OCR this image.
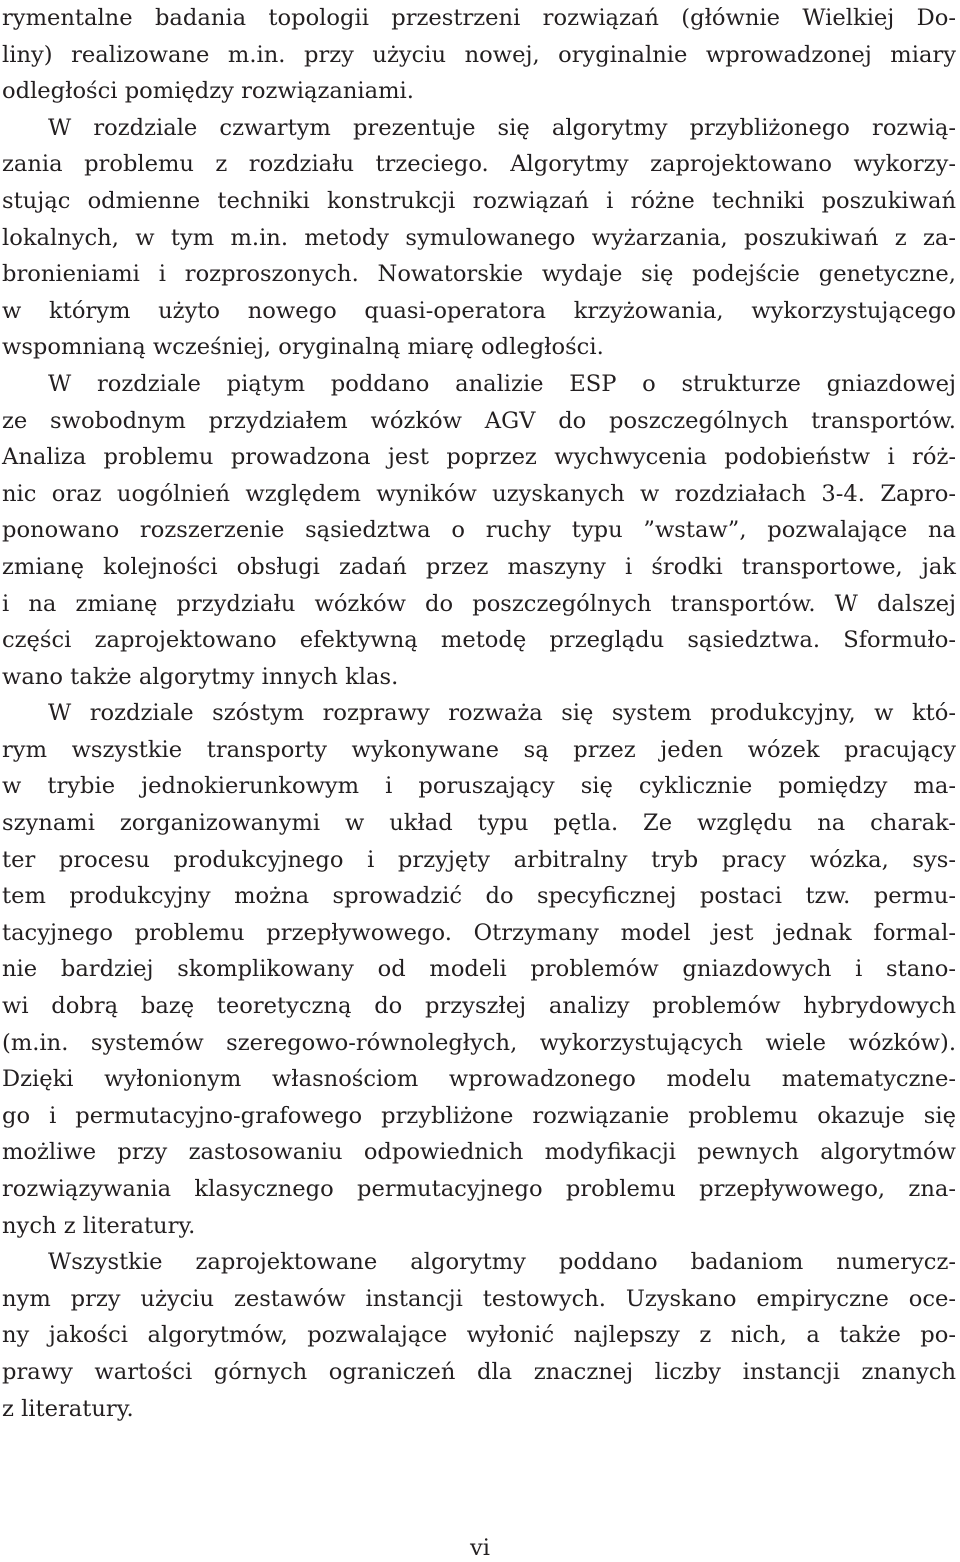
rymentalne badania topologii przestrzeni rozwiązań (głównie Wielkiej Do-
liny) realizowane m.in. przy użyciu nowej, oryginalnie wprowadzonej miary
odległości pomiędzy rozwiązaniami.
W rozdziale czwartym prezentuje się algorytmy przybliżonego rozwią-
zania problemu z rozdziału trzeciego. Algorytmy zaprojektowano wykorzy-
stując odmienne techniki konstrukcji rozwiązań i różne techniki poszukiwań
lokalnych, w tym m.in. metody symulowanego wyżarzania, poszukiwań z za-
bronieniami i rozproszonych. Nowatorskie wydaje się podejście genetyczne,
w którym użyto nowego quasi-operatora krzyżowania, wykorzystującego
wspomnianą wcześniej, oryginalną miarę odległości.
W rozdziale piątym poddano analizie ESP o strukturze gniazdowej
ze swobodnym przydziałem wózków AGV do poszczególnych transportów.
Analiza problemu prowadzona jest poprzez wychwycenia podobieństw i róż-
nic oraz uogólnień względem wyników uzyskanych w rozdziałach 3-4. Zapro-
ponowano rozszerzenie sąsiedztwa o ruchy typu ”wstaw”, pozwalające na
zmianę kolejności obsługi zadań przez maszyny i środki transportowe, jak
i na zmianę przydziału wózków do poszczególnych transportów. W dalszej
części zaprojektowano efektywną metodę przeglądu sąsiedztwa. Sformuło-
wano także algorytmy innych klas.
W rozdziale szóstym rozprawy rozważa się system produkcyjny, w któ-
rym wszystkie transporty wykonywane są przez jeden wózek pracujący
w trybie jednokierunkowym i poruszający się cyklicznie pomiędzy ma-
szynami zorganizowanymi w układ typu pętla. Ze względu na charak-
ter procesu produkcyjnego i przyjęty arbitralny tryb pracy wózka, sys-
tem produkcyjny można sprowadzić do specyficznej postaci tzw. permu-
tacyjnego problemu przepływowego. Otrzymany model jest jednak formal-
nie bardziej skomplikowany od modeli problemów gniazdowych i stano-
wi dobrą bazę teoretyczną do przyszłej analizy problemów hybrydowych
(m.in. systemów szeregowo-równoległych, wykorzystujących wiele wózków).
Dzięki wyłonionym własnościom wprowadzonego modelu matematyczne-
go i permutacyjno-grafowego przybliżone rozwiązanie problemu okazuje się
możliwe przy zastosowaniu odpowiednich modyfikacji pewnych algorytmów
rozwiązywania klasycznego permutacyjnego problemu przepływowego, zna-
nych z literatury.
Wszystkie zaprojektowane algorytmy poddano badaniom numerycz-
nym przy użyciu zestawów instancji testowych. Uzyskano empiryczne oce-
ny jakości algorytmów, pozwalające wyłonić najlepszy z nich, a także po-
prawy wartości górnych ograniczeń dla znacznej liczby instancji znanych
z literatury.
vi
